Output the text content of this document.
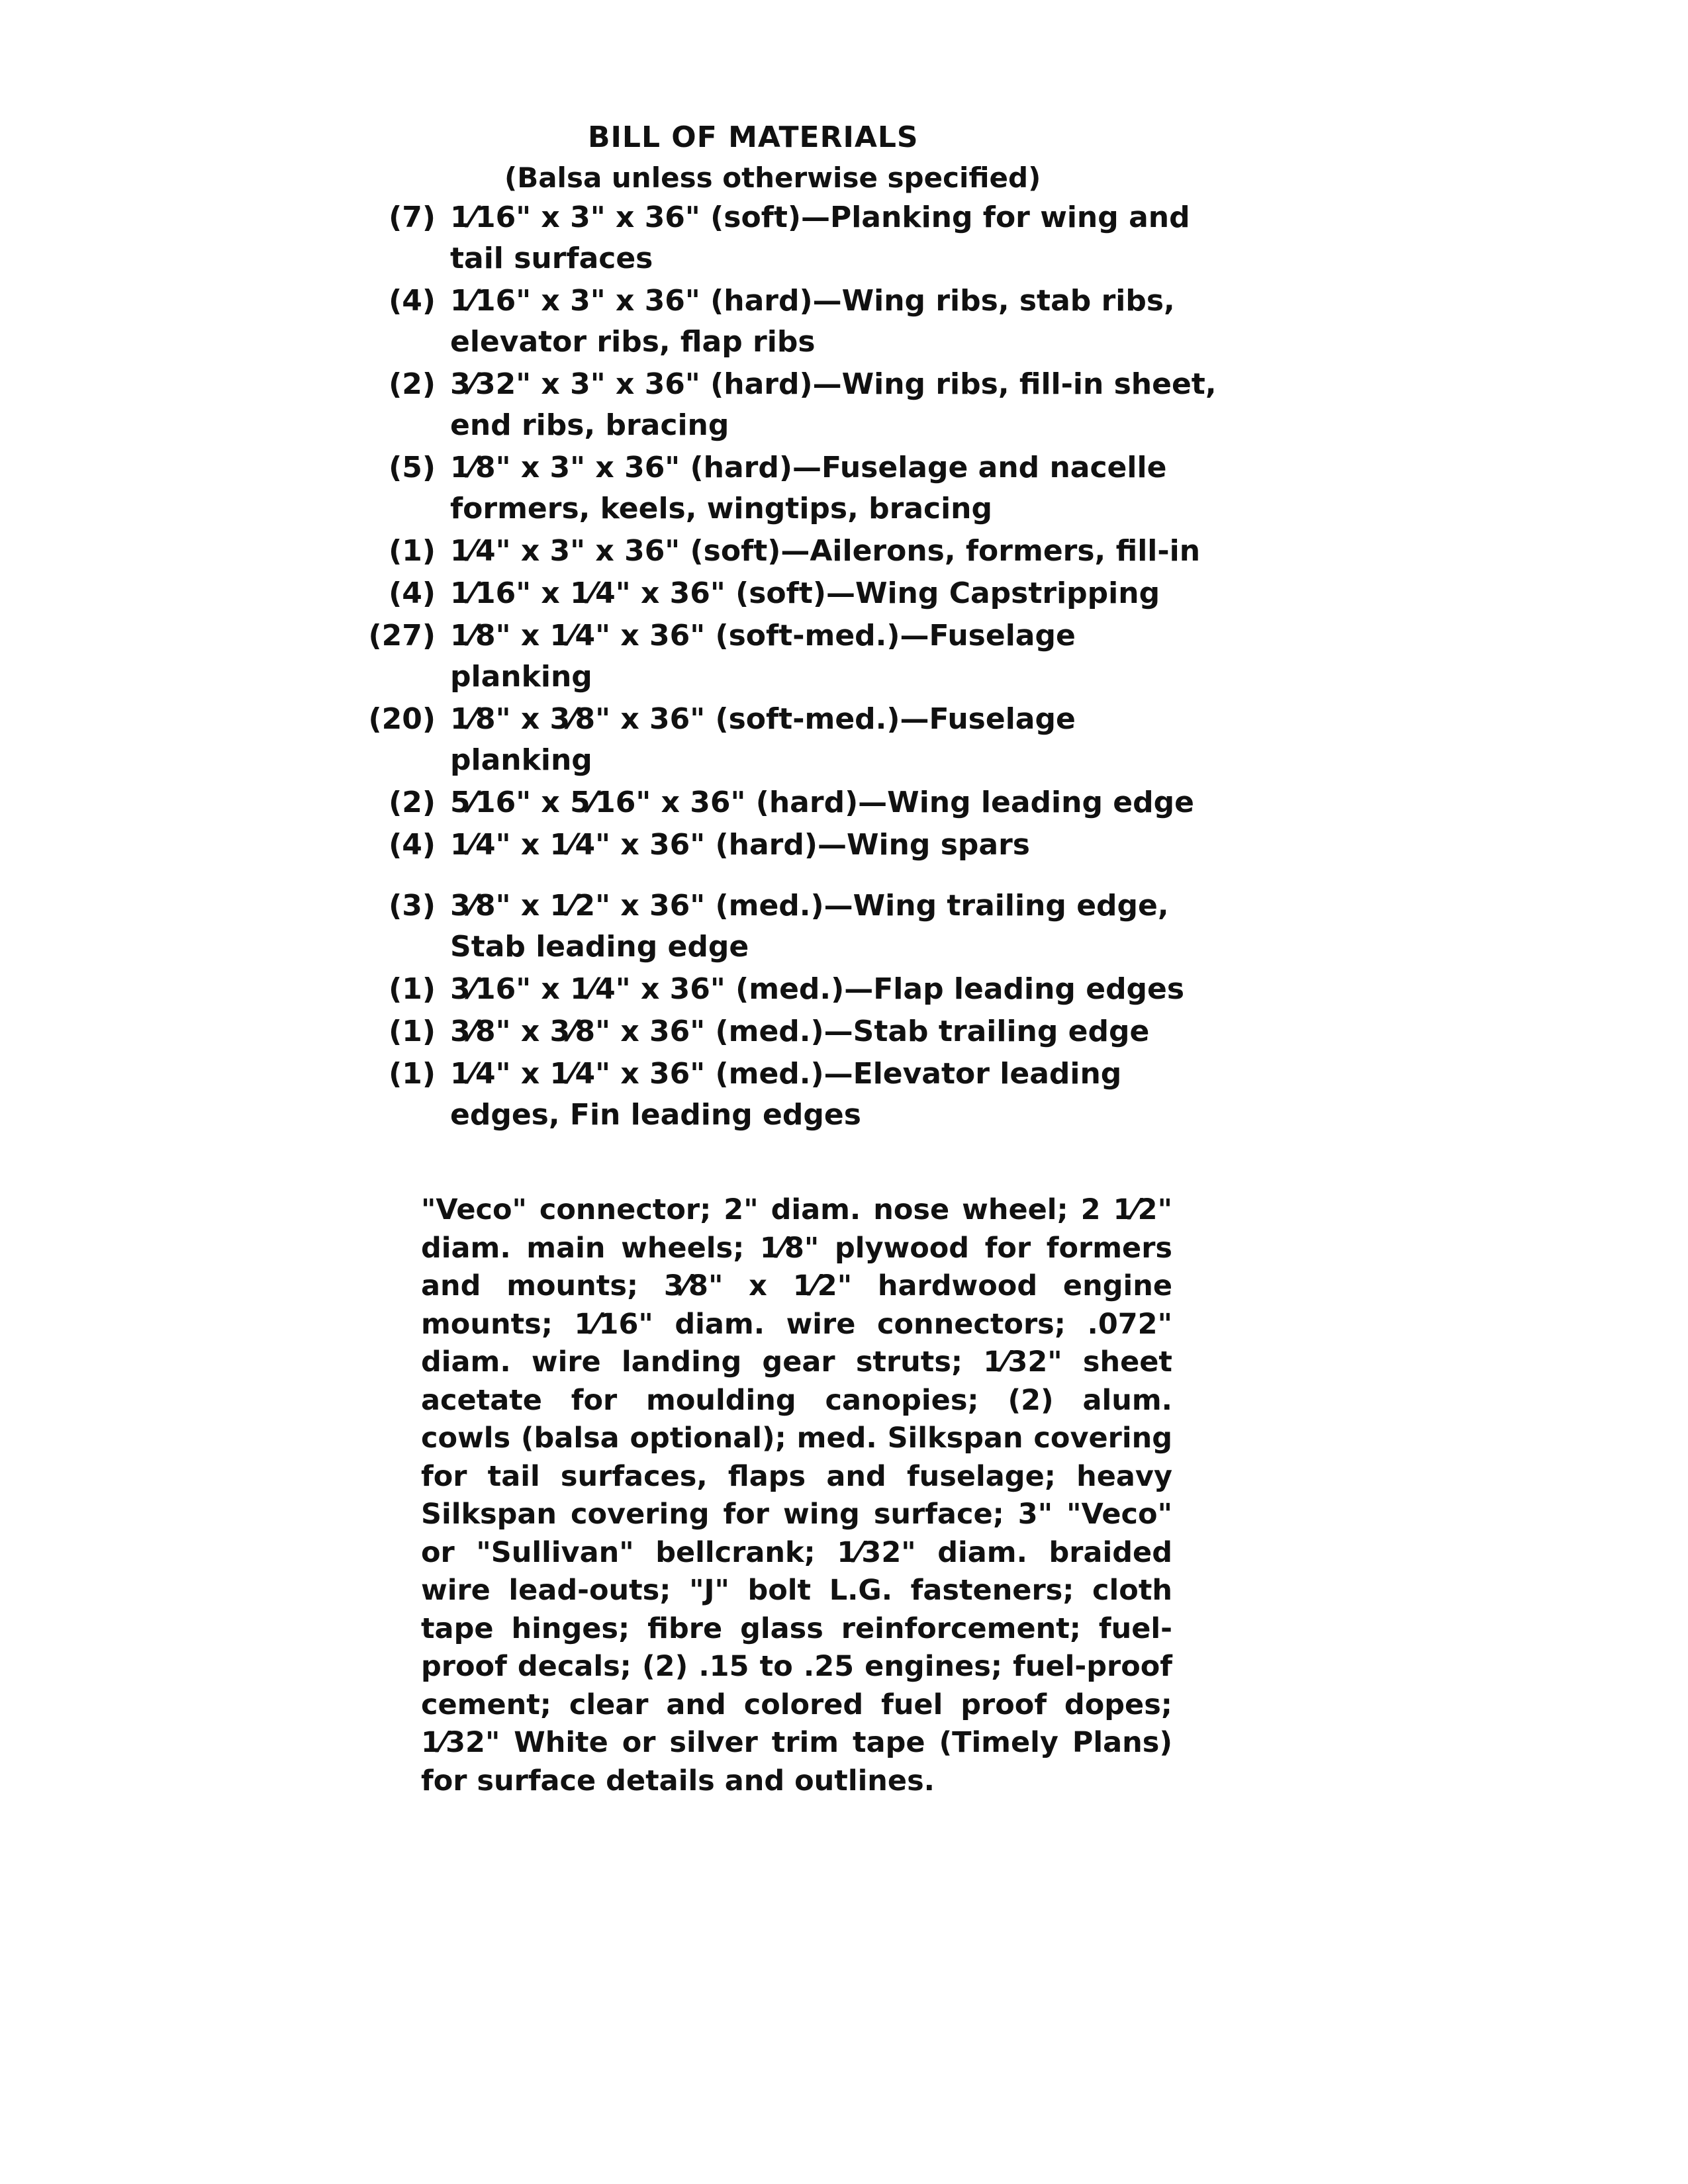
BILL OF MATERIALS
(Balsa unless otherwise specified)
(7) 1⁄16" x 3" x 36" (soft)—Planking for wing and tail surfaces
(4) 1⁄16" x 3" x 36" (hard)—Wing ribs, stab ribs, elevator ribs, flap ribs
(2) 3⁄32" x 3" x 36" (hard)—Wing ribs, fill-in sheet, end ribs, bracing
(5) 1⁄8" x 3" x 36" (hard)—Fuselage and nacelle formers, keels, wingtips, bracing
(1) 1⁄4" x 3" x 36" (soft)—Ailerons, formers, fill-in
(4) 1⁄16" x 1⁄4" x 36" (soft)—Wing Capstripping
(27) 1⁄8" x 1⁄4" x 36" (soft-med.)—Fuselage planking
(20) 1⁄8" x 3⁄8" x 36" (soft-med.)—Fuselage planking
(2) 5⁄16" x 5⁄16" x 36" (hard)—Wing leading edge
(4) 1⁄4" x 1⁄4" x 36" (hard)—Wing spars
(3) 3⁄8" x 1⁄2" x 36" (med.)—Wing trailing edge, Stab leading edge
(1) 3⁄16" x 1⁄4" x 36" (med.)—Flap leading edges
(1) 3⁄8" x 3⁄8" x 36" (med.)—Stab trailing edge
(1) 1⁄4" x 1⁄4" x 36" (med.)—Elevator leading edges, Fin leading edges
"Veco" connector; 2" diam. nose wheel; 2 1⁄2" diam. main wheels; 1⁄8" plywood for formers and mounts; 3⁄8" x 1⁄2" hardwood engine mounts; 1⁄16" diam. wire connectors; .072" diam. wire landing gear struts; 1⁄32" sheet acetate for moulding canopies; (2) alum. cowls (balsa optional); med. Silkspan covering for tail surfaces, flaps and fuselage; heavy Silkspan covering for wing surface; 3" "Veco" or "Sullivan" bellcrank; 1⁄32" diam. braided wire lead-outs; "J" bolt L.G. fasteners; cloth tape hinges; fibre glass reinforcement; fuel-proof decals; (2) .15 to .25 engines; fuel-proof cement; clear and colored fuel proof dopes; 1⁄32" White or silver trim tape (Timely Plans) for surface details and outlines.
